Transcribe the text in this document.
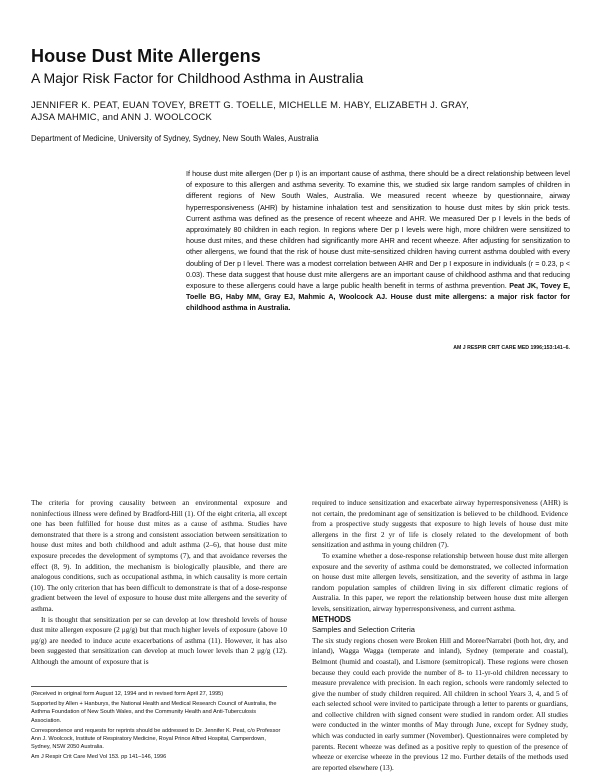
House Dust Mite Allergens
A Major Risk Factor for Childhood Asthma in Australia
JENNIFER K. PEAT, EUAN TOVEY, BRETT G. TOELLE, MICHELLE M. HABY, ELIZABETH J. GRAY,
AJSA MAHMIC, and ANN J. WOOLCOCK
Department of Medicine, University of Sydney, Sydney, New South Wales, Australia
If house dust mite allergen (Der p I) is an important cause of asthma, there should be a direct relationship between level of exposure to this allergen and asthma severity. To examine this, we studied six large random samples of children in different regions of New South Wales, Australia. We measured recent wheeze by questionnaire, airway hyperresponsiveness (AHR) by histamine inhalation test and sensitization to house dust mites by skin prick tests. Current asthma was defined as the presence of recent wheeze and AHR. We measured Der p I levels in the beds of approximately 80 children in each region. In regions where Der p I levels were high, more children were sensitized to house dust mites, and these children had significantly more AHR and recent wheeze. After adjusting for sensitization to other allergens, we found that the risk of house dust mite-sensitized children having current asthma doubled with every doubling of Der p I level. There was a modest correlation between AHR and Der p I exposure in individuals (r = 0.23, p < 0.03). These data suggest that house dust mite allergens are an important cause of childhood asthma and that reducing exposure to these allergens could have a large public health benefit in terms of asthma prevention. Peat JK, Tovey E, Toelle BG, Haby MM, Gray EJ, Mahmic A, Woolcock AJ. House dust mite allergens: a major risk factor for childhood asthma in Australia.
AM J RESPIR CRIT CARE MED 1996;153:141–6.

The criteria for proving causality between an environmental exposure and noninfectious illness were defined by Bradford-Hill (1). Of the eight criteria, all except one has been fulfilled for house dust mites as a cause of asthma. Studies have demonstrated that there is a strong and consistent association between sensitization to house dust mites and both childhood and adult asthma (2–6), that house dust mite exposure precedes the development of symptoms (7), and that avoidance reverses the effect (8, 9). In addition, the mechanism is biologically plausible, and there are analogous conditions, such as occupational asthma, in which causality is more certain (10). The only criterion that has been difficult to demonstrate is that of a dose-response gradient between the level of exposure to house dust mite allergens and the severity of asthma.

It is thought that sensitization per se can develop at low threshold levels of house dust mite allergen exposure (2 μg/g) but that much higher levels of exposure (above 10 μg/g) are needed to induce acute exacerbations of asthma (11). However, it has also been suggested that sensitization can develop at much lower levels than 2 μg/g (12). Although the amount of exposure that is

required to induce sensitization and exacerbate airway hyperresponsiveness (AHR) is not certain, the predominant age of sensitization is believed to be childhood. Evidence from a prospective study suggests that exposure to high levels of house dust mite allergens in the first 2 yr of life is closely related to the development of both sensitization and asthma in young children (7).

To examine whether a dose-response relationship between house dust mite allergen exposure and the severity of asthma could be demonstrated, we collected information on house dust mite allergen levels, sensitization, and the severity of asthma in large random population samples of children living in six different climatic regions of Australia. In this paper, we report the relationship between house dust mite allergen levels, sensitization, airway hyperresponsiveness, and current asthma.

METHODS

Samples and Selection Criteria

The six study regions chosen were Broken Hill and Moree/Narrabri (both hot, dry, and inland), Wagga Wagga (temperate and inland), Sydney (temperate and coastal), Belmont (humid and coastal), and Lismore (semitropical). These regions were chosen because they could each provide the number of 8- to 11-yr-old children necessary to measure prevalence with precision. In each region, schools were randomly selected to give the number of study children required. All children in school Years 3, 4, and 5 of each selected school were invited to participate through a letter to parents or guardians, and collective children with signed consent were studied in random order. All studies were conducted in the winter months of May through June, except for Sydney study, which was conducted in early summer (November). Questionnaires were completed by parents. Recent wheeze was defined as a positive reply to question of the presence of wheeze or exercise wheeze in the previous 12 mo. Further details of the methods used are reported elsewhere (13).

(Received in original form August 12, 1994 and in revised form April 27, 1995)

Supported by Allen + Hanburys, the National Health and Medical Research Council of Australia, the Asthma Foundation of New South Wales, and the Community Health and Anti-Tuberculosis Association.

Correspondence and requests for reprints should be addressed to Dr. Jennifer K. Peat, c/o Professor Ann J. Woolcock, Institute of Respiratory Medicine, Royal Prince Alfred Hospital, Camperdown, Sydney, NSW 2050 Australia.

Am J Respir Crit Care Med Vol 153. pp 141–146, 1996
